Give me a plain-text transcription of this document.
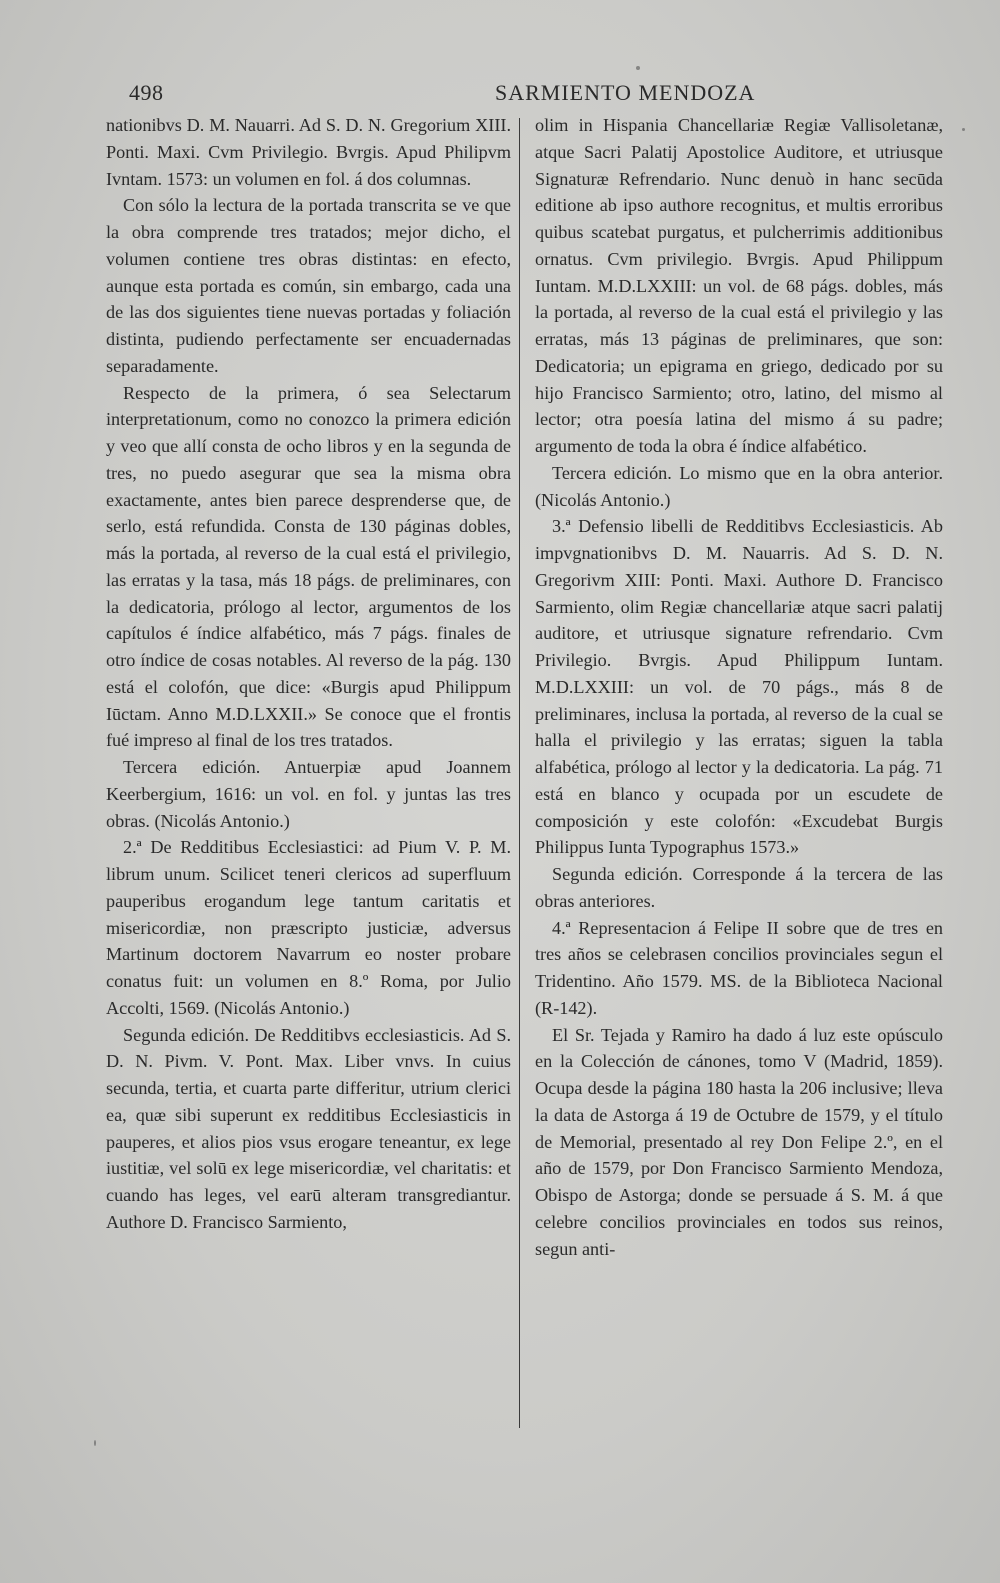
498	SARMIENTO MENDOZA

nationibvs D. M. Nauarri. Ad S. D. N. Gregorium XIII. Ponti. Maxi. Cvm Privilegio. Bvrgis. Apud Philipvm Ivntam. 1573: un volumen en fol. á dos columnas.

Con sólo la lectura de la portada transcrita se ve que la obra comprende tres tratados; mejor dicho, el volumen contiene tres obras distintas: en efecto, aunque esta portada es común, sin embargo, cada una de las dos siguientes tiene nuevas portadas y foliación distinta, pudiendo perfectamente ser encuadernadas separadamente.

Respecto de la primera, ó sea Selectarum interpretationum, como no conozco la primera edición y veo que allí consta de ocho libros y en la segunda de tres, no puedo asegurar que sea la misma obra exactamente, antes bien parece desprenderse que, de serlo, está refundida. Consta de 130 páginas dobles, más la portada, al reverso de la cual está el privilegio, las erratas y la tasa, más 18 págs. de preliminares, con la dedicatoria, prólogo al lector, argumentos de los capítulos é índice alfabético, más 7 págs. finales de otro índice de cosas notables. Al reverso de la pág. 130 está el colofón, que dice: «Burgis apud Philippum Iūctam. Anno M.D.LXXII.» Se conoce que el frontis fué impreso al final de los tres tratados.

Tercera edición. Antuerpiæ apud Joannem Keerbergium, 1616: un vol. en fol. y juntas las tres obras. (Nicolás Antonio.)

2.ª De Redditibus Ecclesiastici: ad Pium V. P. M. librum unum. Scilicet teneri clericos ad superfluum pauperibus erogandum lege tantum caritatis et misericordiæ, non præscripto justiciæ, adversus Martinum doctorem Navarrum eo noster probare conatus fuit: un volumen en 8.º Roma, por Julio Accolti, 1569. (Nicolás Antonio.)

Segunda edición. De Redditibvs ecclesiasticis. Ad S. D. N. Pivm. V. Pont. Max. Liber vnvs. In cuius secunda, tertia, et cuarta parte differitur, utrium clerici ea, quæ sibi superunt ex redditibus Ecclesiasticis in pauperes, et alios pios vsus erogare teneantur, ex lege iustitiæ, vel solū ex lege misericordiæ, vel charitatis: et cuando has leges, vel earū alteram transgrediantur. Authore D. Francisco Sarmiento,

olim in Hispania Chancellariæ Regiæ Vallisoletanæ, atque Sacri Palatij Apostolice Auditore, et utriusque Signaturæ Refrendario. Nunc denuò in hanc secūda editione ab ipso authore recognitus, et multis erroribus quibus scatebat purgatus, et pulcherrimis additionibus ornatus. Cvm privilegio. Bvrgis. Apud Philippum Iuntam. M.D.LXXIII: un vol. de 68 págs. dobles, más la portada, al reverso de la cual está el privilegio y las erratas, más 13 páginas de preliminares, que son: Dedicatoria; un epigrama en griego, dedicado por su hijo Francisco Sarmiento; otro, latino, del mismo al lector; otra poesía latina del mismo á su padre; argumento de toda la obra é índice alfabético.

Tercera edición. Lo mismo que en la obra anterior. (Nicolás Antonio.)

3.ª Defensio libelli de Redditibvs Ecclesiasticis. Ab impvgnationibvs D. M. Nauarris. Ad S. D. N. Gregorivm XIII: Ponti. Maxi. Authore D. Francisco Sarmiento, olim Regiæ chancellariæ atque sacri palatij auditore, et utriusque signature refrendario. Cvm Privilegio. Bvrgis. Apud Philippum Iuntam. M.D.LXXIII: un vol. de 70 págs., más 8 de preliminares, inclusa la portada, al reverso de la cual se halla el privilegio y las erratas; siguen la tabla alfabética, prólogo al lector y la dedicatoria. La pág. 71 está en blanco y ocupada por un escudete de composición y este colofón: «Excudebat Burgis Philippus Iunta Typographus 1573.»

Segunda edición. Corresponde á la tercera de las obras anteriores.

4.ª Representacion á Felipe II sobre que de tres en tres años se celebrasen concilios provinciales segun el Tridentino. Año 1579. MS. de la Biblioteca Nacional (R-142).

El Sr. Tejada y Ramiro ha dado á luz este opúsculo en la Colección de cánones, tomo V (Madrid, 1859). Ocupa desde la página 180 hasta la 206 inclusive; lleva la data de Astorga á 19 de Octubre de 1579, y el título de Memorial, presentado al rey Don Felipe 2.º, en el año de 1579, por Don Francisco Sarmiento Mendoza, Obispo de Astorga; donde se persuade á S. M. á que celebre concilios provinciales en todos sus reinos, segun anti-
